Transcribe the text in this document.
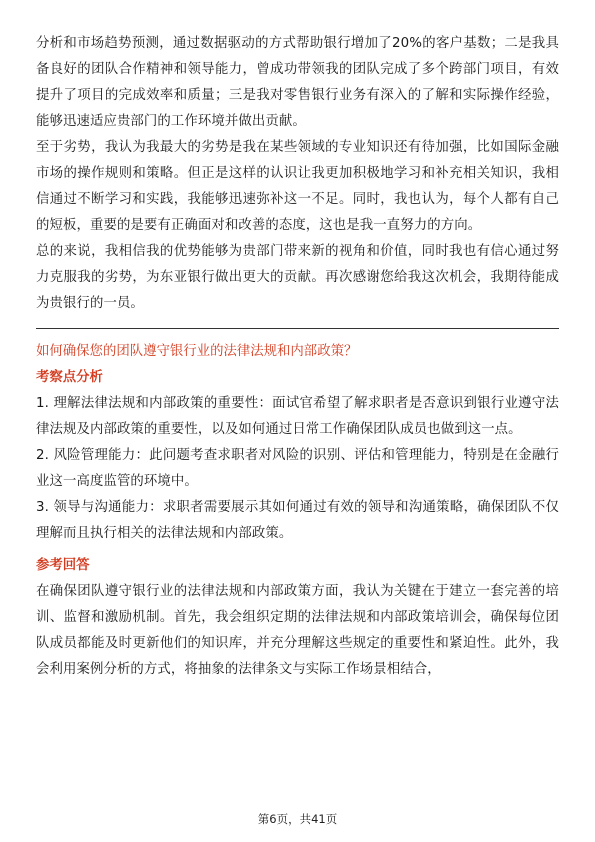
分析和市场趋势预测，通过数据驱动的方式帮助银行增加了20%的客户基数；二是我具备良好的团队合作精神和领导能力，曾成功带领我的团队完成了多个跨部门项目，有效提升了项目的完成效率和质量；三是我对零售银行业务有深入的了解和实际操作经验，能够迅速适应贵部门的工作环境并做出贡献。

至于劣势，我认为我最大的劣势是我在某些领域的专业知识还有待加强，比如国际金融市场的操作规则和策略。但正是这样的认识让我更加积极地学习和补充相关知识，我相信通过不断学习和实践，我能够迅速弥补这一不足。同时，我也认为，每个人都有自己的短板，重要的是要有正确面对和改善的态度，这也是我一直努力的方向。

总的来说，我相信我的优势能够为贵部门带来新的视角和价值，同时我也有信心通过努力克服我的劣势，为东亚银行做出更大的贡献。再次感谢您给我这次机会，我期待能成为贵银行的一员。

如何确保您的团队遵守银行业的法律法规和内部政策？

考察点分析

1. 理解法律法规和内部政策的重要性：面试官希望了解求职者是否意识到银行业遵守法律法规及内部政策的重要性，以及如何通过日常工作确保团队成员也做到这一点。

2. 风险管理能力：此问题考查求职者对风险的识别、评估和管理能力，特别是在金融行业这一高度监管的环境中。

3. 领导与沟通能力：求职者需要展示其如何通过有效的领导和沟通策略，确保团队不仅理解而且执行相关的法律法规和内部政策。

参考回答

在确保团队遵守银行业的法律法规和内部政策方面，我认为关键在于建立一套完善的培训、监督和激励机制。首先，我会组织定期的法律法规和内部政策培训会，确保每位团队成员都能及时更新他们的知识库，并充分理解这些规定的重要性和紧迫性。此外，我会利用案例分析的方式，将抽象的法律条文与实际工作场景相结合，

第6页，共41页
